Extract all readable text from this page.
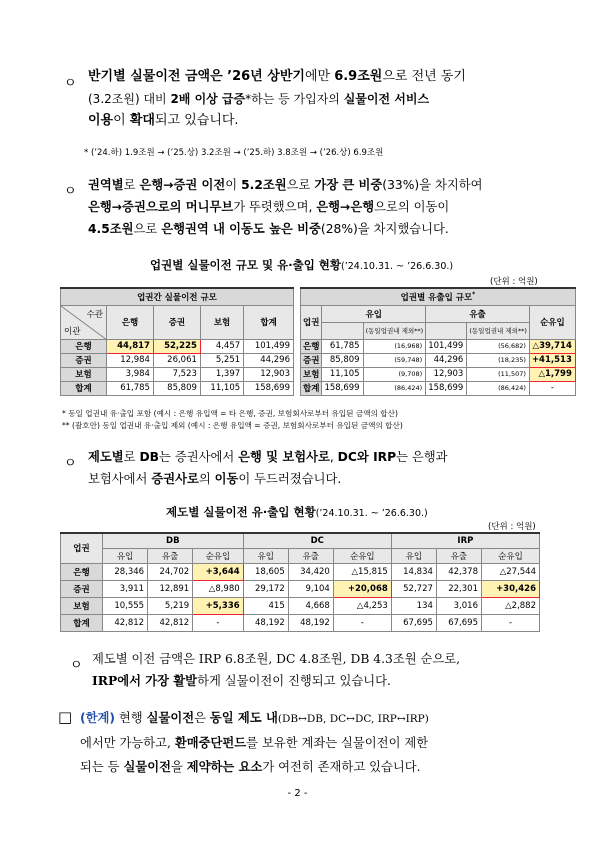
ㅇ 반기별 실물이전 금액은 ’26년 상반기에만 6.9조원으로 전년 동기
(3.2조원) 대비 2배 이상 급증*하는 등 가입자의 실물이전 서비스
이용이 확대되고 있습니다.
* (’24.하) 1.9조원 → (’25.상) 3.2조원 → (’25.하) 3.8조원 → (’26.상) 6.9조원
ㅇ 권역별로 은행→증권 이전이 5.2조원으로 가장 큰 비중(33%)을 차지하여
은행→증권으로의 머니무브가 뚜렷했으며, 은행→은행으로의 이동이
4.5조원으로 은행권역 내 이동도 높은 비중(28%)을 차지했습니다.
업권별 실물이전 규모 및 유·출입 현황(’24.10.31. ~ ’26.6.30.)
(단위 : 억원)
업권간 실물이전 규모				

수관
이관	은행	증권	보험	합계
은행	44,817	52,225	4,457	101,499
증권	12,984	26,061	5,251	44,296
보험	3,984	7,523	1,397	12,903
합계	61,785	85,809	11,105	158,699
업권별 유출입 규모*
업권	유입		유출		순유입
		(동일업권내 제외**)		(동일업권내 제외**)	
은행	61,785	(16,968)	101,499	(56,682)	△39,714
증권	85,809	(59,748)	44,296	(18,235)	+41,513
보험	11,105	(9,708)	12,903	(11,507)	△1,799
합계	158,699	(86,424)	158,699	(86,424)	-
* 동일 업권내 유·출입 포함 (예시 : 은행 유입액 = 타 은행, 증권, 보험회사로부터 유입된 금액의 합산)
** (괄호안) 동일 업권내 유·출입 제외 (예시 : 은행 유입액 = 증권, 보험회사로부터 유입된 금액의 합산)
ㅇ 제도별로 DB는 증권사에서 은행 및 보험사로, DC와 IRP는 은행과
보험사에서 증권사로의 이동이 두드러졌습니다.
제도별 실물이전 유·출입 현황(’24.10.31. ~ ’26.6.30.)
(단위 : 억원)
업권	DB			DC			IRP		
	유입	유출	순유입	유입	유출	순유입	유입	유출	순유입
은행	28,346	24,702	+3,644	18,605	34,420	△15,815	14,834	42,378	△27,544
증권	3,911	12,891	△8,980	29,172	9,104	+20,068	52,727	22,301	+30,426
보험	10,555	5,219	+5,336	415	4,668	△4,253	134	3,016	△2,882
합계	42,812	42,812	-	48,192	48,192	-	67,695	67,695	-
ㅇ 제도별 이전 금액은 IRP 6.8조원, DC 4.8조원, DB 4.3조원 순으로,
IRP에서 가장 활발하게 실물이전이 진행되고 있습니다.
□ (한계) 현행 실물이전은 동일 제도 내(DB↔DB, DC↔DC, IRP↔IRP)
에서만 가능하고, 환매중단펀드를 보유한 계좌는 실물이전이 제한
되는 등 실물이전을 제약하는 요소가 여전히 존재하고 있습니다.
- 2 -
